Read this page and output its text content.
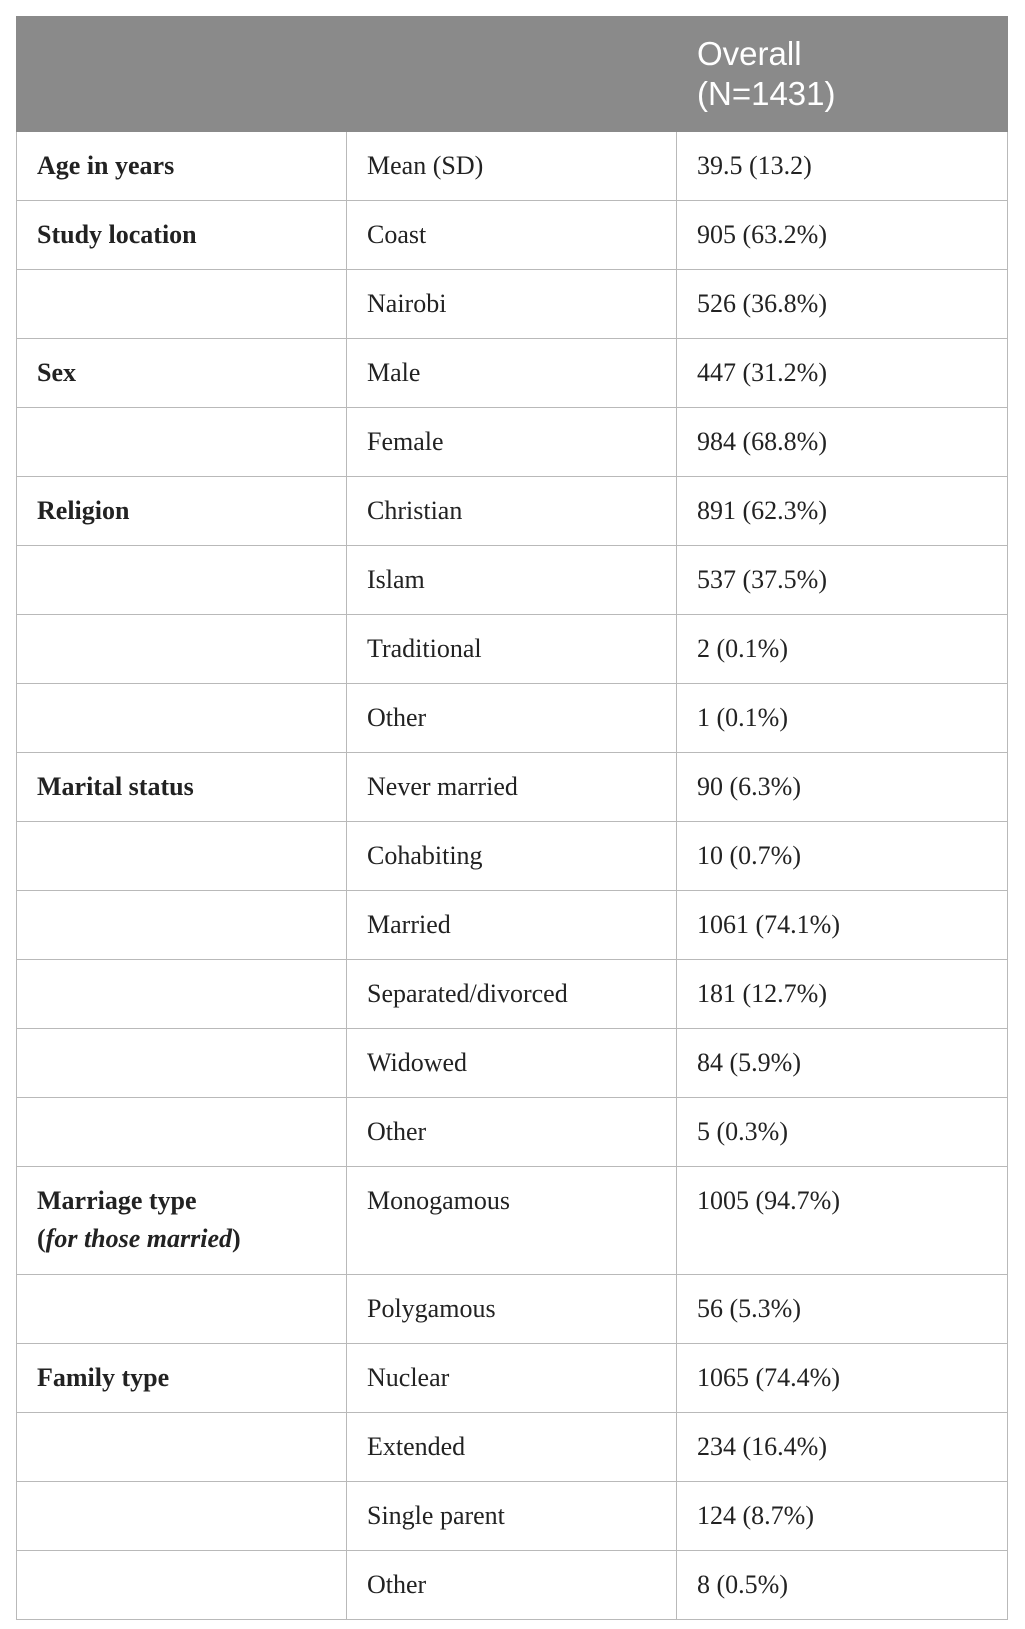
		Overall
(N=1431)

Age in years	Mean (SD)	39.5 (13.2)
Study location	Coast	905 (63.2%)
	Nairobi	526 (36.8%)
Sex	Male	447 (31.2%)
	Female	984 (68.8%)
Religion	Christian	891 (62.3%)
	Islam	537 (37.5%)
	Traditional	2 (0.1%)
	Other	1 (0.1%)
Marital status	Never married	90 (6.3%)
	Cohabiting	10 (0.7%)
	Married	1061 (74.1%)
	Separated/divorced	181 (12.7%)
	Widowed	84 (5.9%)
	Other	5 (0.3%)
Marriage type
(for those married)	Monogamous	1005 (94.7%)
	Polygamous	56 (5.3%)
Family type	Nuclear	1065 (74.4%)
	Extended	234 (16.4%)
	Single parent	124 (8.7%)
	Other	8 (0.5%)
